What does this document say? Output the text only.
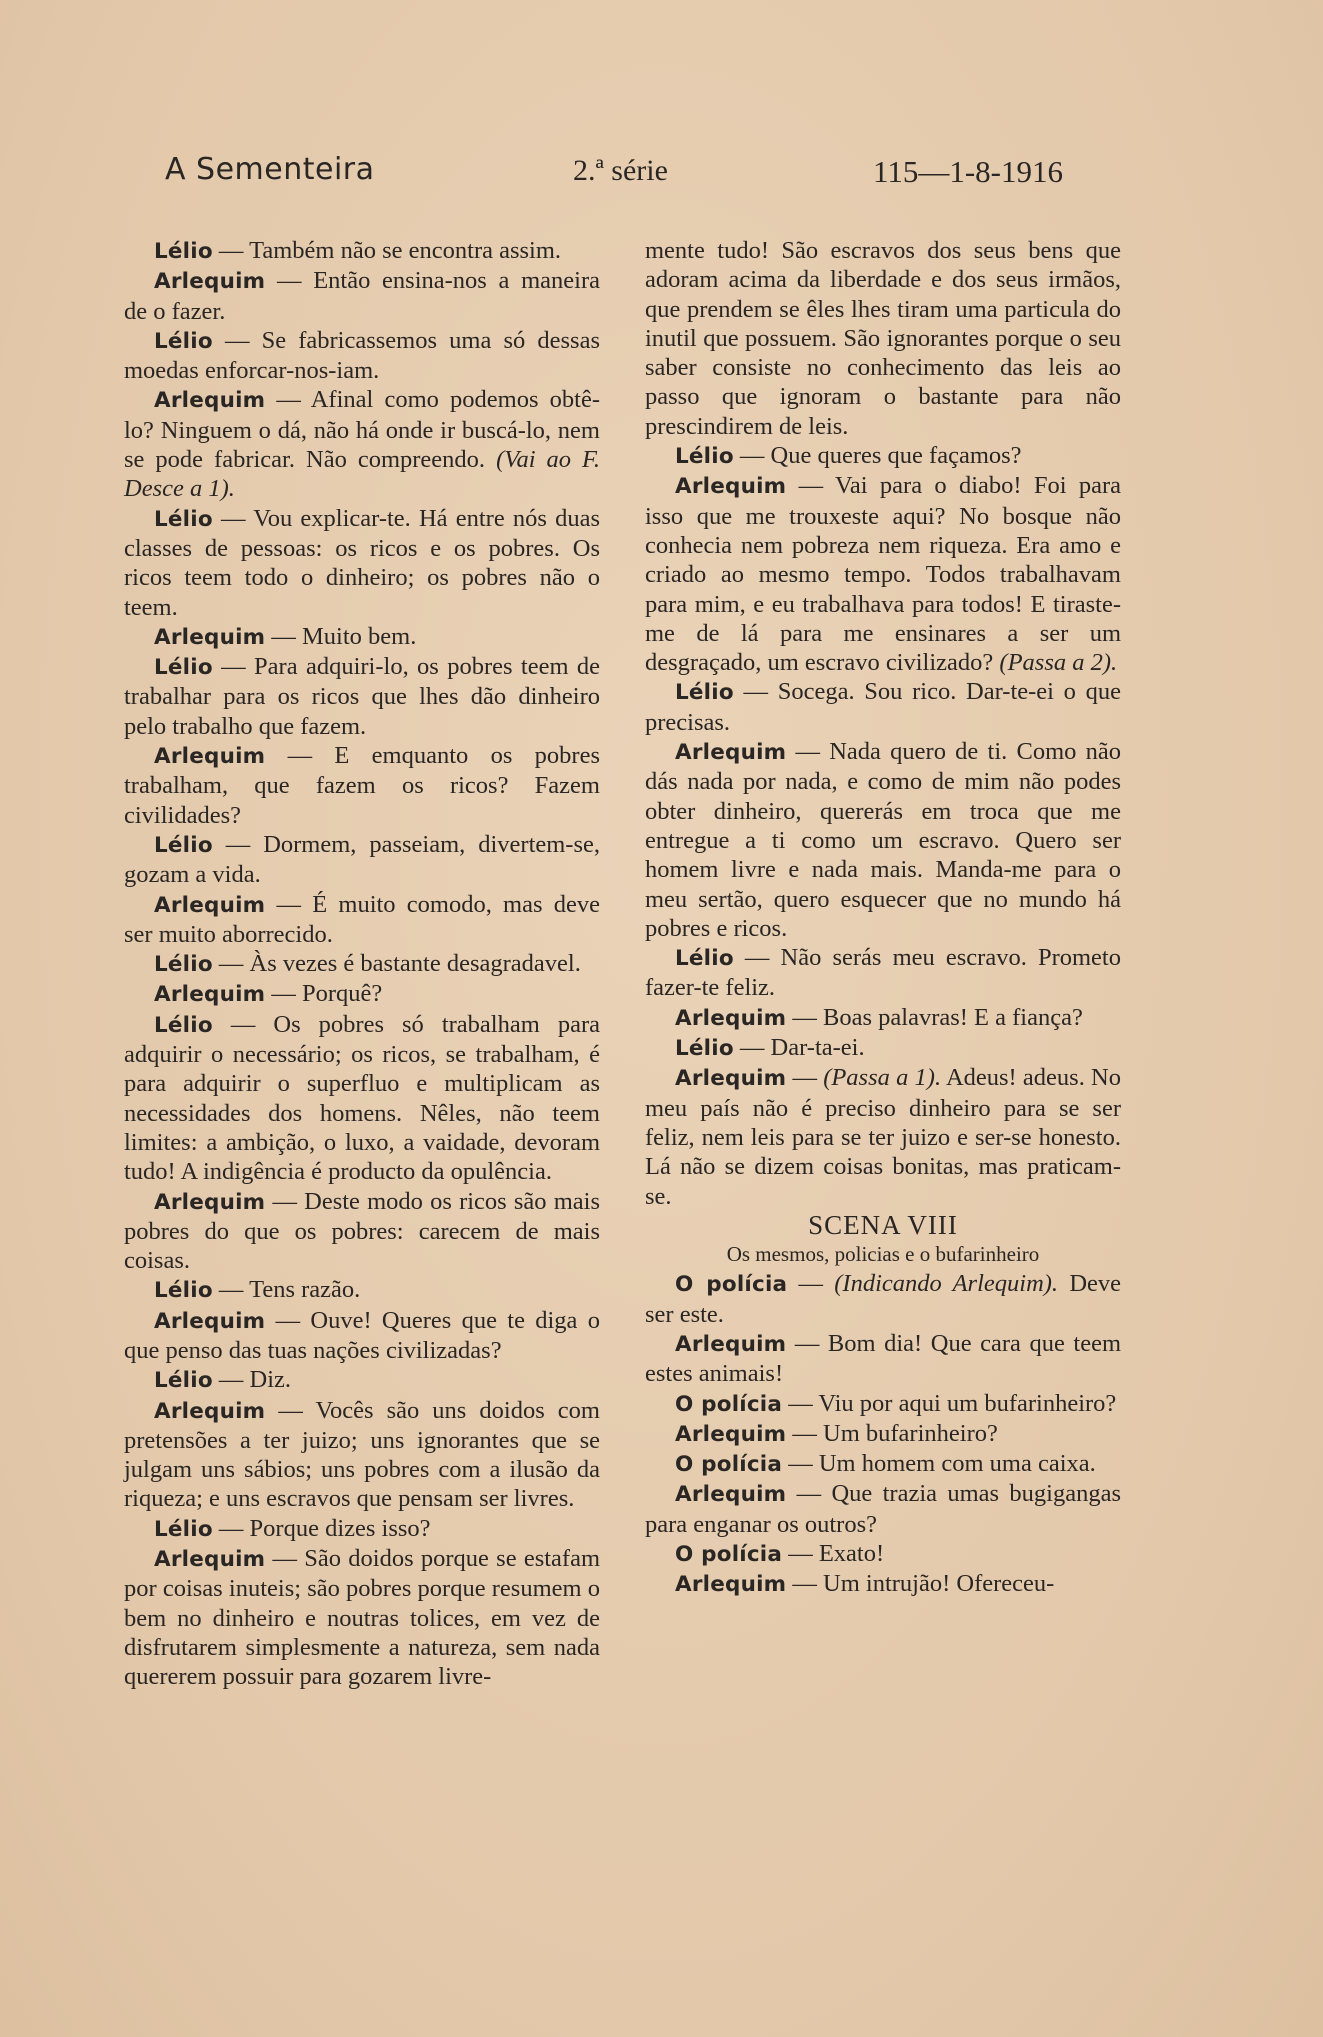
A Sementeira	2.ª série	115—1-8-1916

Lélio — Também não se encontra assim.

Arlequim — Então ensina-nos a maneira de o fazer.

Lélio — Se fabricassemos uma só dessas moedas enforcar-nos-iam.

Arlequim — Afinal como podemos obtê-lo? Ninguem o dá, não há onde ir buscá-lo, nem se pode fabricar. Não compreendo. (Vai ao F. Desce a 1).

Lélio — Vou explicar-te. Há entre nós duas classes de pessoas: os ricos e os pobres. Os ricos teem todo o dinheiro; os pobres não o teem.

Arlequim — Muito bem.

Lélio — Para adquiri-lo, os pobres teem de trabalhar para os ricos que lhes dão dinheiro pelo trabalho que fazem.

Arlequim — E emquanto os pobres trabalham, que fazem os ricos? Fazem civilidades?

Lélio — Dormem, passeiam, divertem-se, gozam a vida.

Arlequim — É muito comodo, mas deve ser muito aborrecido.

Lélio — Às vezes é bastante desagradavel.

Arlequim — Porquê?

Lélio — Os pobres só trabalham para adquirir o necessário; os ricos, se trabalham, é para adquirir o superfluo e multiplicam as necessidades dos homens. Nêles, não teem limites: a ambição, o luxo, a vaidade, devoram tudo! A indigência é producto da opulência.

Arlequim — Deste modo os ricos são mais pobres do que os pobres: carecem de mais coisas.

Lélio — Tens razão.

Arlequim — Ouve! Queres que te diga o que penso das tuas nações civilizadas?

Lélio — Diz.

Arlequim — Vocês são uns doidos com pretensões a ter juizo; uns ignorantes que se julgam uns sábios; uns pobres com a ilusão da riqueza; e uns escravos que pensam ser livres.

Lélio — Porque dizes isso?

Arlequim — São doidos porque se estafam por coisas inuteis; são pobres porque resumem o bem no dinheiro e noutras tolices, em vez de disfrutarem simplesmente a natureza, sem nada quererem possuir para gozarem livre-

mente tudo! São escravos dos seus bens que adoram acima da liberdade e dos seus irmãos, que prendem se êles lhes tiram uma particula do inutil que possuem. São ignorantes porque o seu saber consiste no conhecimento das leis ao passo que ignoram o bastante para não prescindirem de leis.

Lélio — Que queres que façamos?

Arlequim — Vai para o diabo! Foi para isso que me trouxeste aqui? No bosque não conhecia nem pobreza nem riqueza. Era amo e criado ao mesmo tempo. Todos trabalhavam para mim, e eu trabalhava para todos! E tiraste-me de lá para me ensinares a ser um desgraçado, um escravo civilizado? (Passa a 2).

Lélio — Socega. Sou rico. Dar-te-ei o que precisas.

Arlequim — Nada quero de ti. Como não dás nada por nada, e como de mim não podes obter dinheiro, quererás em troca que me entregue a ti como um escravo. Quero ser homem livre e nada mais. Manda-me para o meu sertão, quero esquecer que no mundo há pobres e ricos.

Lélio — Não serás meu escravo. Prometo fazer-te feliz.

Arlequim — Boas palavras! E a fiança?

Lélio — Dar-ta-ei.

Arlequim — (Passa a 1). Adeus! adeus. No meu país não é preciso dinheiro para se ser feliz, nem leis para se ter juizo e ser-se honesto. Lá não se dizem coisas bonitas, mas praticam-se.

SCENA VIII

Os mesmos, policias e o bufarinheiro

O polícia — (Indicando Arlequim). Deve ser este.

Arlequim — Bom dia! Que cara que teem estes animais!

O polícia — Viu por aqui um bufarinheiro?

Arlequim — Um bufarinheiro?

O polícia — Um homem com uma caixa.

Arlequim — Que trazia umas bugigangas para enganar os outros?

O polícia — Exato!

Arlequim — Um intrujão! Ofereceu-
